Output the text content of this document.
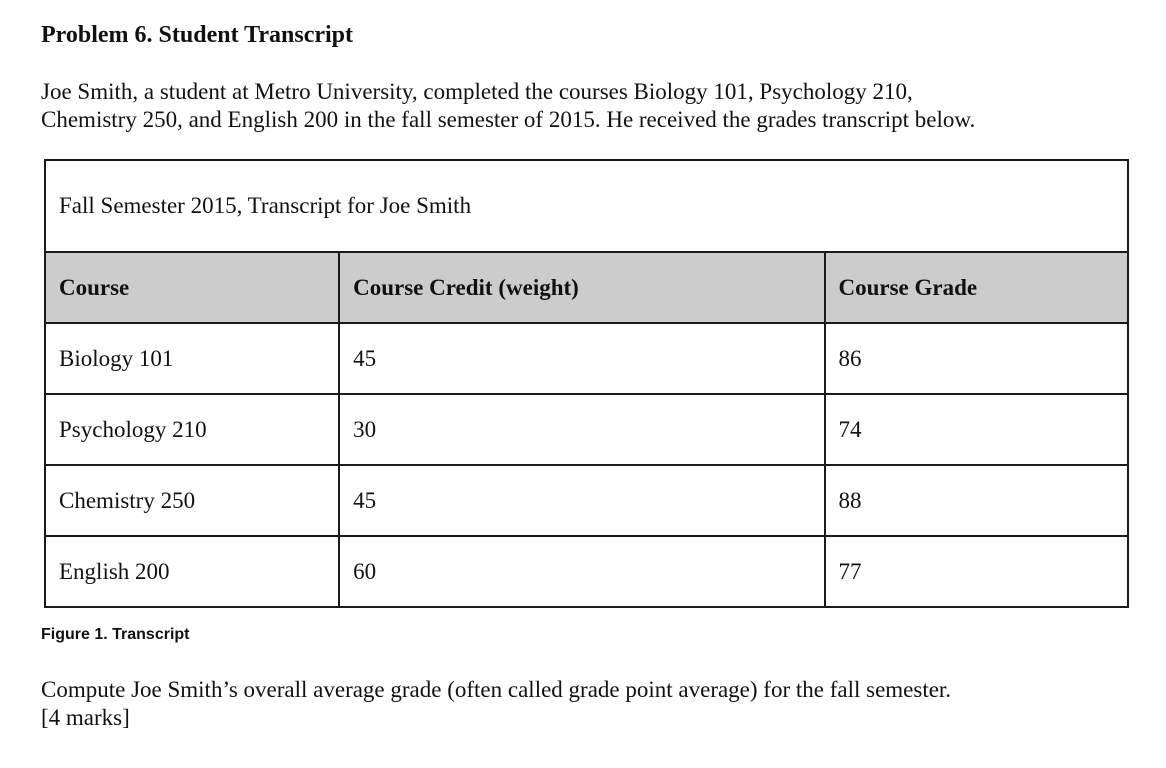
Problem 6. Student Transcript

Joe Smith, a student at Metro University, completed the courses Biology 101, Psychology 210,
Chemistry 250, and English 200 in the fall semester of 2015. He received the grades transcript below.

Fall Semester 2015, Transcript for Joe Smith		
Course	Course Credit (weight)	Course Grade
Biology 101	45	86
Psychology 210	30	74
Chemistry 250	45	88
English 200	60	77

Figure 1. Transcript

Compute Joe Smith’s overall average grade (often called grade point average) for the fall semester.
[4 marks]
